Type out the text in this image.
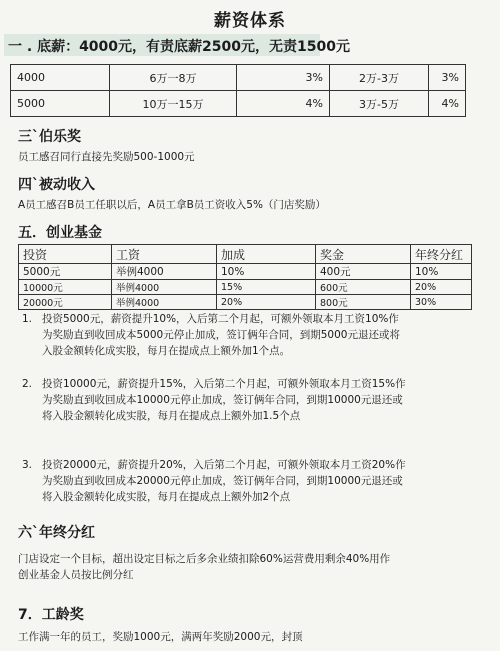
薪资体系
一 . 底薪：4000元，有责底薪2500元，无责1500元
4000	6万一8万	3%	2万-3万	3%
5000	10万一15万	4%	3万-5万	4%
三`伯乐奖
员工感召同行直接先奖励500-1000元
四`被动收入
A员工感召B员工任职以后，A员工拿B员工资收入5%（门店奖励）
五．创业基金
投资	工资	加成	奖金	年终分红
5000元	举例4000	10%	400元	10%
10000元	举例4000	15%	600元	20%
20000元	举例4000	20%	800元	30%
1. 投资5000元，薪资提升10%，入后第二个月起，可额外领取本月工资10%作
为奖励直到收回成本5000元停止加成，签订俩年合同，到期5000元退还或将
入股金额转化成实股，每月在提成点上额外加1个点。
2. 投资10000元，薪资提升15%，入后第二个月起，可额外领取本月工资15%作
为奖励直到收回成本10000元停止加成，签订俩年合同，到期10000元退还或
将入股金额转化成实股，每月在提成点上额外加1.5个点
3. 投资20000元，薪资提升20%，入后第二个月起，可额外领取本月工资20%作
为奖励直到收回成本20000元停止加成，签订俩年合同，到期10000元退还或
将入股金额转化成实股，每月在提成点上额外加2个点
六`年终分红
门店设定一个目标，超出设定目标之后多余业绩扣除60%运营费用剩余40%用作
创业基金人员按比例分红
7．工龄奖
工作满一年的员工，奖励1000元，满两年奖励2000元，封顶
